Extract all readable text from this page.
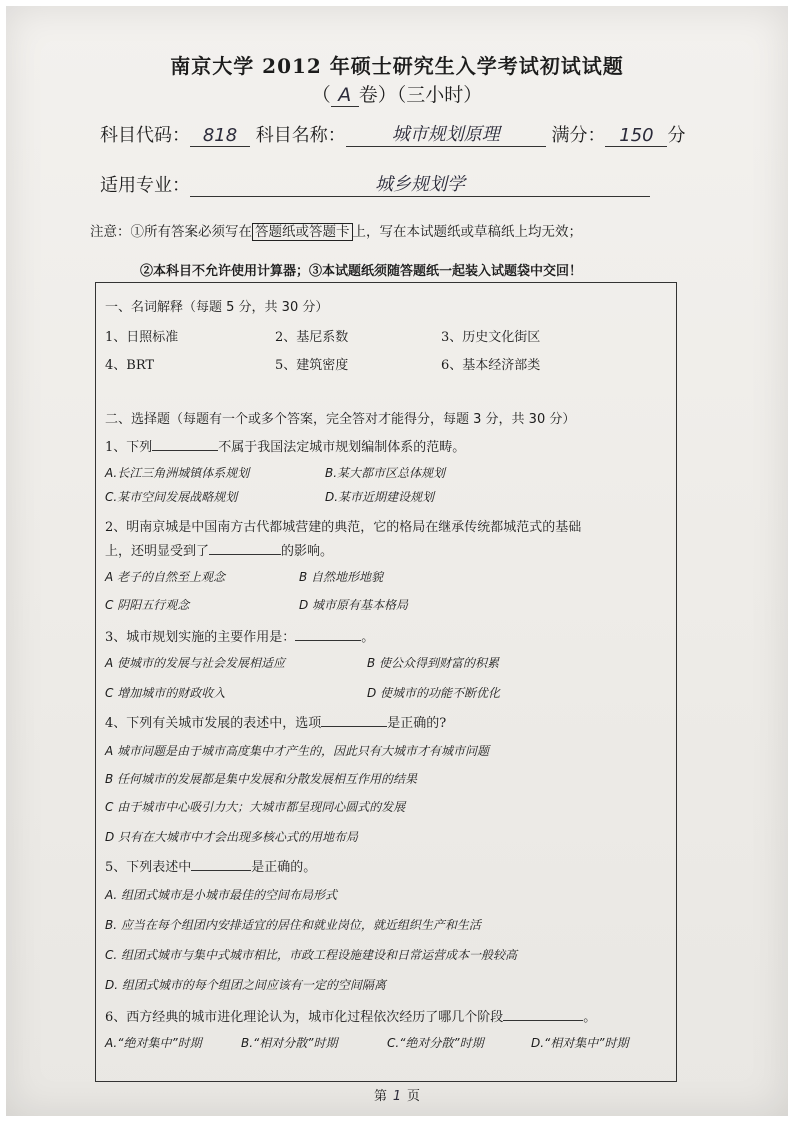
南京大学 2012 年硕士研究生入学考试初试试题
（ A 卷）（三小时）
科目代码： 818 科目名称：	城市规划原理	满分： 150 分
适用专业：	城乡规划学
注意：①所有答案必须写在 答题纸或答题卡 上，写在本试题纸或草稿纸上均无效；
②本科目不允许使用计算器；③本试题纸须随答题纸一起装入试题袋中交回！
一、名词解释（每题 5 分，共 30 分）
1、日照标准	2、基尼系数	3、历史文化街区
4、BRT	5、建筑密度	6、基本经济部类
二、选择题（每题有一个或多个答案，完全答对才能得分，每题 3 分，共 30 分）
1、下列	不属于我国法定城市规划编制体系的范畴。
A.长江三角洲城镇体系规划	B.某大都市区总体规划
C.某市空间发展战略规划	D.某市近期建设规划
2、明南京城是中国南方古代都城营建的典范，它的格局在继承传统都城范式的基础
上，还明显受到了	的影响。
A 老子的自然至上观念	B 自然地形地貌
C 阴阳五行观念	D 城市原有基本格局
3、城市规划实施的主要作用是：	。
A 使城市的发展与社会发展相适应	B 使公众得到财富的积累
C 增加城市的财政收入	D 使城市的功能不断优化
4、下列有关城市发展的表述中，选项	是正确的?
A 城市问题是由于城市高度集中才产生的，因此只有大城市才有城市问题
B 任何城市的发展都是集中发展和分散发展相互作用的结果
C 由于城市中心吸引力大；大城市都呈现同心圆式的发展
D 只有在大城市中才会出现多核心式的用地布局
5、下列表述中	是正确的。
A. 组团式城市是小城市最佳的空间布局形式
B. 应当在每个组团内安排适宜的居住和就业岗位，就近组织生产和生活
C. 组团式城市与集中式城市相比，市政工程设施建设和日常运营成本一般较高
D. 组团式城市的每个组团之间应该有一定的空间隔离
6、西方经典的城市进化理论认为，城市化过程依次经历了哪几个阶段	。
A.“绝对集中”时期	B.“相对分散”时期	C.“绝对分散”时期	D.“相对集中”时期
第 1 页
